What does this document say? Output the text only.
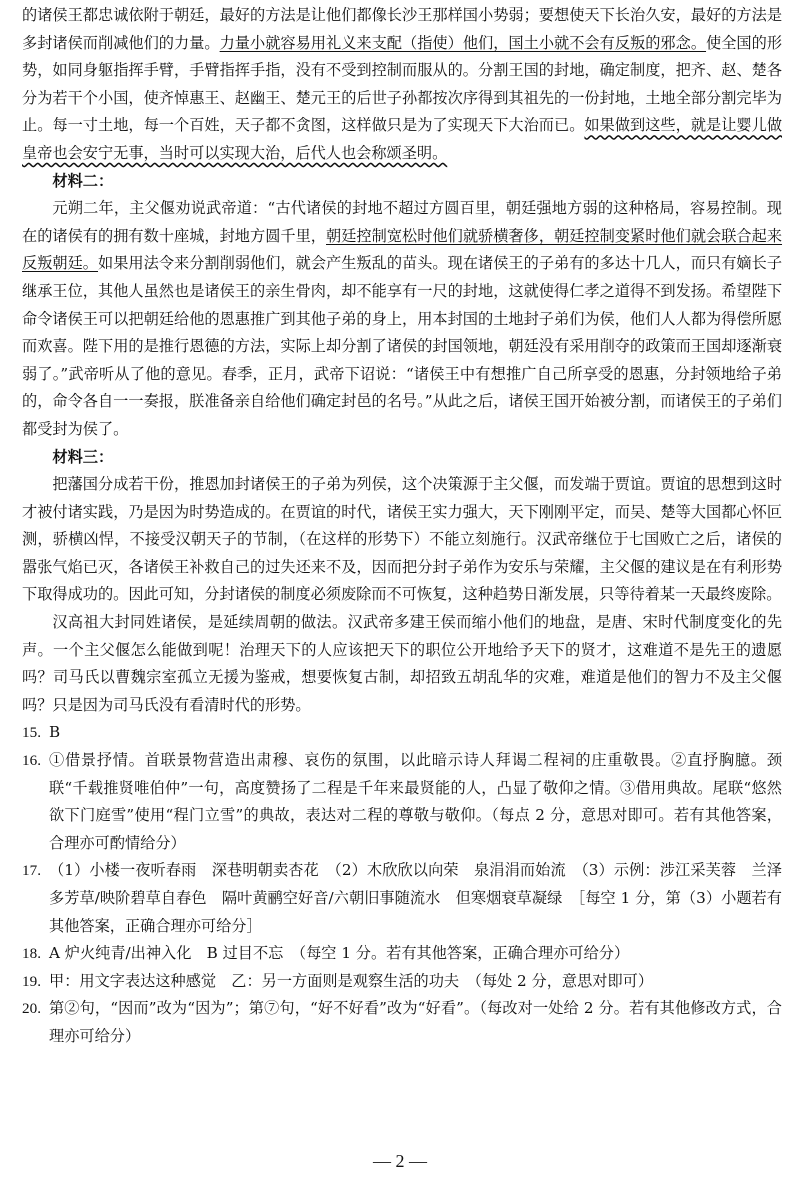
的诸侯王都忠诚依附于朝廷，最好的方法是让他们都像长沙王那样国小势弱；要想使天下长治久安，最好的方法是多封诸侯而削减他们的力量。力量小就容易用礼义来支配（指使）他们，国土小就不会有反叛的邪念。使全国的形势，如同身躯指挥手臂，手臂指挥手指，没有不受到控制而服从的。分割王国的封地，确定制度，把齐、赵、楚各分为若干个小国，使齐悼惠王、赵幽王、楚元王的后世子孙都按次序得到其祖先的一份封地，土地全部分割完毕为止。每一寸土地，每一个百姓，天子都不贪图，这样做只是为了实现天下大治而已。如果做到这些，就是让婴儿做皇帝也会安宁无事，当时可以实现大治，后代人也会称颂圣明。

材料二：

元朔二年，主父偃劝说武帝道：“古代诸侯的封地不超过方圆百里，朝廷强地方弱的这种格局，容易控制。现在的诸侯有的拥有数十座城，封地方圆千里，朝廷控制宽松时他们就骄横奢侈，朝廷控制变紧时他们就会联合起来反叛朝廷。如果用法令来分割削弱他们，就会产生叛乱的苗头。现在诸侯王的子弟有的多达十几人，而只有嫡长子继承王位，其他人虽然也是诸侯王的亲生骨肉，却不能享有一尺的封地，这就使得仁孝之道得不到发扬。希望陛下命令诸侯王可以把朝廷给他的恩惠推广到其他子弟的身上，用本封国的土地封子弟们为侯，他们人人都为得偿所愿而欢喜。陛下用的是推行恩德的方法，实际上却分割了诸侯的封国领地，朝廷没有采用削夺的政策而王国却逐渐衰弱了。”武帝听从了他的意见。春季，正月，武帝下诏说：“诸侯王中有想推广自己所享受的恩惠，分封领地给子弟的，命令各自一一奏报，朕准备亲自给他们确定封邑的名号。”从此之后，诸侯王国开始被分割，而诸侯王的子弟们都受封为侯了。

材料三：

把藩国分成若干份，推恩加封诸侯王的子弟为列侯，这个决策源于主父偃，而发端于贾谊。贾谊的思想到这时才被付诸实践，乃是因为时势造成的。在贾谊的时代，诸侯王实力强大，天下刚刚平定，而吴、楚等大国都心怀叵测，骄横凶悍，不接受汉朝天子的节制，（在这样的形势下）不能立刻施行。汉武帝继位于七国败亡之后，诸侯的嚣张气焰已灭，各诸侯王补救自己的过失还来不及，因而把分封子弟作为安乐与荣耀，主父偃的建议是在有利形势下取得成功的。因此可知，分封诸侯的制度必须废除而不可恢复，这种趋势日渐发展，只等待着某一天最终废除。

汉高祖大封同姓诸侯，是延续周朝的做法。汉武帝多建王侯而缩小他们的地盘，是唐、宋时代制度变化的先声。一个主父偃怎么能做到呢！治理天下的人应该把天下的职位公开地给予天下的贤才，这难道不是先王的遗愿吗？司马氏以曹魏宗室孤立无援为鉴戒，想要恢复古制，却招致五胡乱华的灾难，难道是他们的智力不及主父偃吗？只是因为司马氏没有看清时代的形势。

15. B
16. ①借景抒情。首联景物营造出肃穆、哀伤的氛围，以此暗示诗人拜谒二程祠的庄重敬畏。②直抒胸臆。颈联“千载推贤唯伯仲”一句，高度赞扬了二程是千年来最贤能的人，凸显了敬仰之情。③借用典故。尾联“悠然欲下门庭雪”使用“程门立雪”的典故，表达对二程的尊敬与敬仰。（每点 2 分，意思对即可。若有其他答案，合理亦可酌情给分）
17. （1）小楼一夜听春雨　深巷明朝卖杏花　（2）木欣欣以向荣　泉涓涓而始流　（3）示例：涉江采芙蓉　兰泽多芳草/映阶碧草自春色　隔叶黄鹂空好音/六朝旧事随流水　但寒烟衰草凝绿　［每空 1 分，第（3）小题若有其他答案，正确合理亦可给分］
18. A 炉火纯青/出神入化　B 过目不忘　（每空 1 分。若有其他答案，正确合理亦可给分）
19. 甲：用文字表达这种感觉　乙：另一方面则是观察生活的功夫　（每处 2 分，意思对即可）
20. 第②句，“因而”改为“因为”；第⑦句，“好不好看”改为“好看”。（每改对一处给 2 分。若有其他修改方式，合理亦可给分）
— 2 —
